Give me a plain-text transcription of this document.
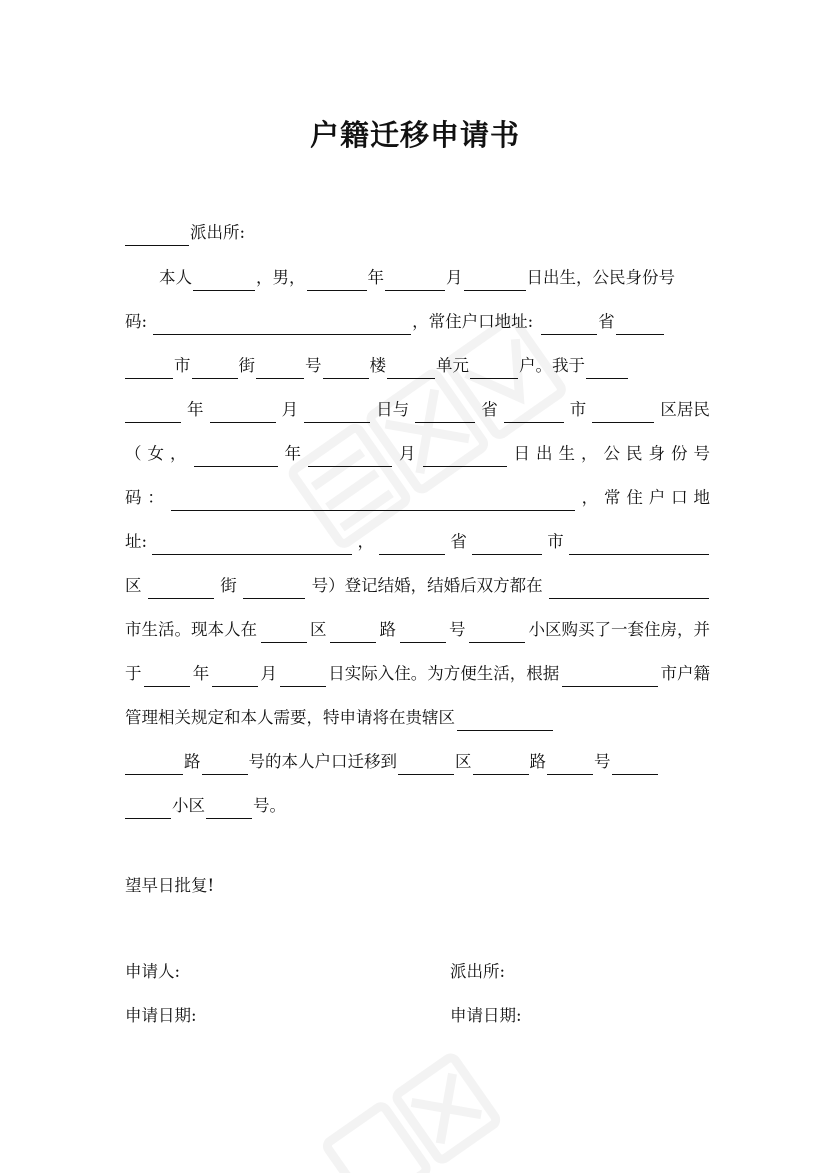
户籍迁移申请书
派出所:
本人	，男，	年	月	日出生，公民身份号
码:	，常住户口地址:	省
市	街	号	楼	单元	户。我于
年	月	日与	省	市	区居民
（ 女 ，	年	月	日 出 生 ， 公 民 身 份 号
码 ：	， 常 住 户 口 地
址:	，	省	市
区	街	号）登记结婚，结婚后双方都在
市生活。现本人在	区	路	号	小区购买了一套住房，并
于	年	月	日实际入住。为方便生活，根据	市户籍
管理相关规定和本人需要，特申请将在贵辖区
路	号的本人户口迁移到	区	路	号
小区	号。
望早日批复!
申请人:	派出所:
申请日期:	申请日期:
